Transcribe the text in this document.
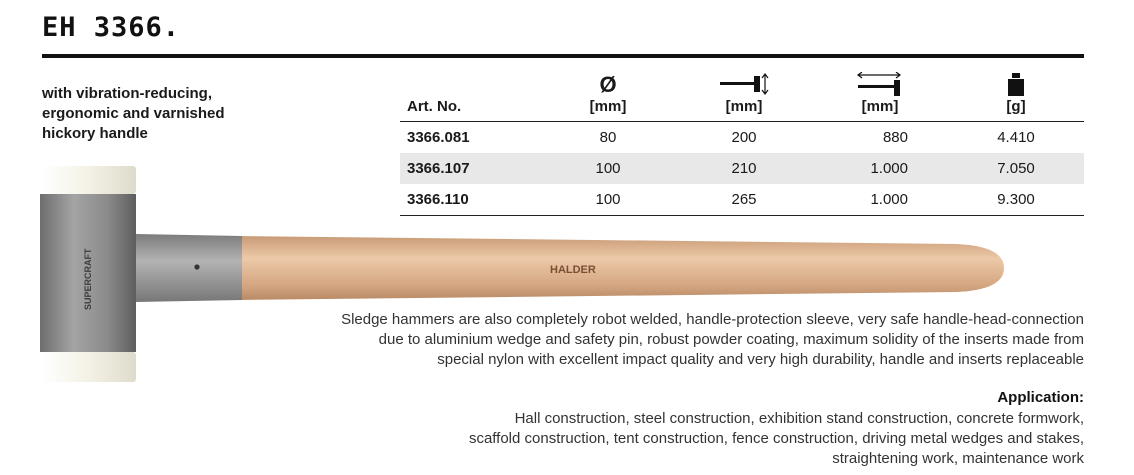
EH 3366.
with vibration-reducing,
ergonomic and varnished
hickory handle
Art. No.	Ø
[mm]	[mm]	[mm]	[g]

3366.081	80	200	880	4.410
3366.107	100	210	1.000	7.050
3366.110	100	265	1.000	9.300
HALDER
SUPERCRAFT
Sledge hammers are also completely robot welded, handle-protection sleeve, very safe handle-head-connection
due to aluminium wedge and safety pin, robust powder coating, maximum solidity of the inserts made from
special nylon with excellent impact quality and very high durability, handle and inserts replaceable
Application:
Hall construction, steel construction, exhibition stand construction, concrete formwork,
scaffold construction, tent construction, fence construction, driving metal wedges and stakes,
straightening work, maintenance work
